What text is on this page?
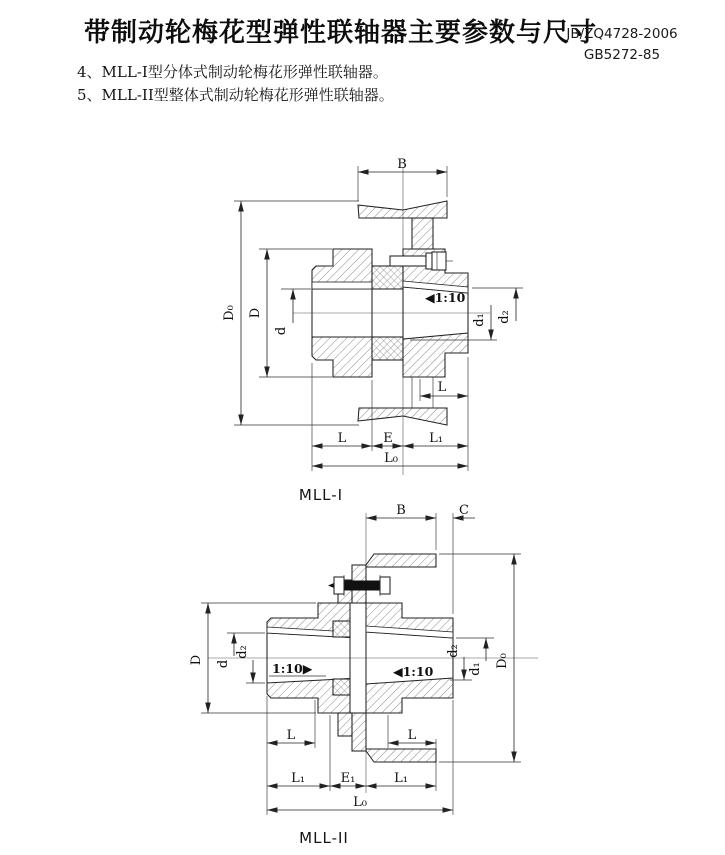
带制动轮梅花型弹性联轴器主要参数与尺寸
JB/ZQ4728-2006
GB5272-85
4、MLL-I型分体式制动轮梅花形弹性联轴器。
5、MLL-II型整体式制动轮梅花形弹性联轴器。
B
D₀ D
d
◀1:10
d₁ d₂
L
L	E	L₁
L₀
MLL-I
B	C
D₀
D d
d₂
1:10▶	◀1:10
d₂
d₁
L	L
L₁	E₁	L₁
L₀
MLL-II
